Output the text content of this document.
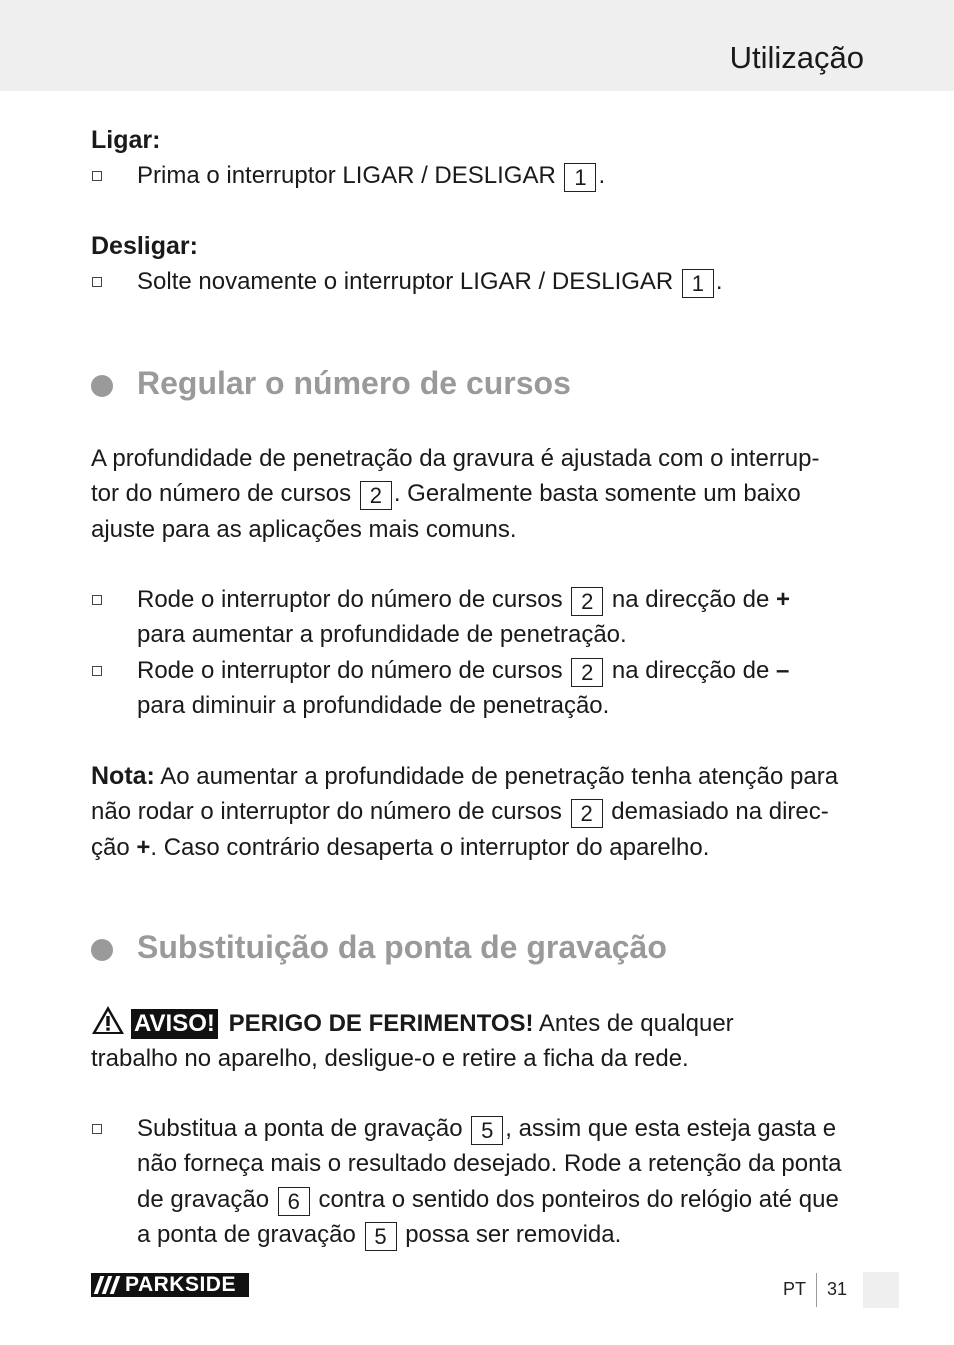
Utilização
Ligar:
Prima o interruptor LIGAR / DESLIGAR 1 .
Desligar:
Solte novamente o interruptor LIGAR / DESLIGAR 1 .
Regular o número de cursos
A profundidade de penetração da gravura é ajustada com o interrup-
tor do número de cursos 2 . Geralmente basta somente um baixo
ajuste para as aplicações mais comuns.
Rode o interruptor do número de cursos 2 na direcção de +
para aumentar a profundidade de penetração.
Rode o interruptor do número de cursos 2 na direcção de –
para diminuir a profundidade de penetração.
Nota: Ao aumentar a profundidade de penetração tenha atenção para
não rodar o interruptor do número de cursos 2 demasiado na direc-
ção +. Caso contrário desaperta o interruptor do aparelho.
Substituição da ponta de gravação
AVISO! PERIGO DE FERIMENTOS! Antes de qualquer
trabalho no aparelho, desligue-o e retire a ficha da rede.
Substitua a ponta de gravação 5 , assim que esta esteja gasta e
não forneça mais o resultado desejado. Rode a retenção da ponta
de gravação 6 contra o sentido dos ponteiros do relógio até que
a ponta de gravação 5 possa ser removida.
PARKSIDE	PT 31
